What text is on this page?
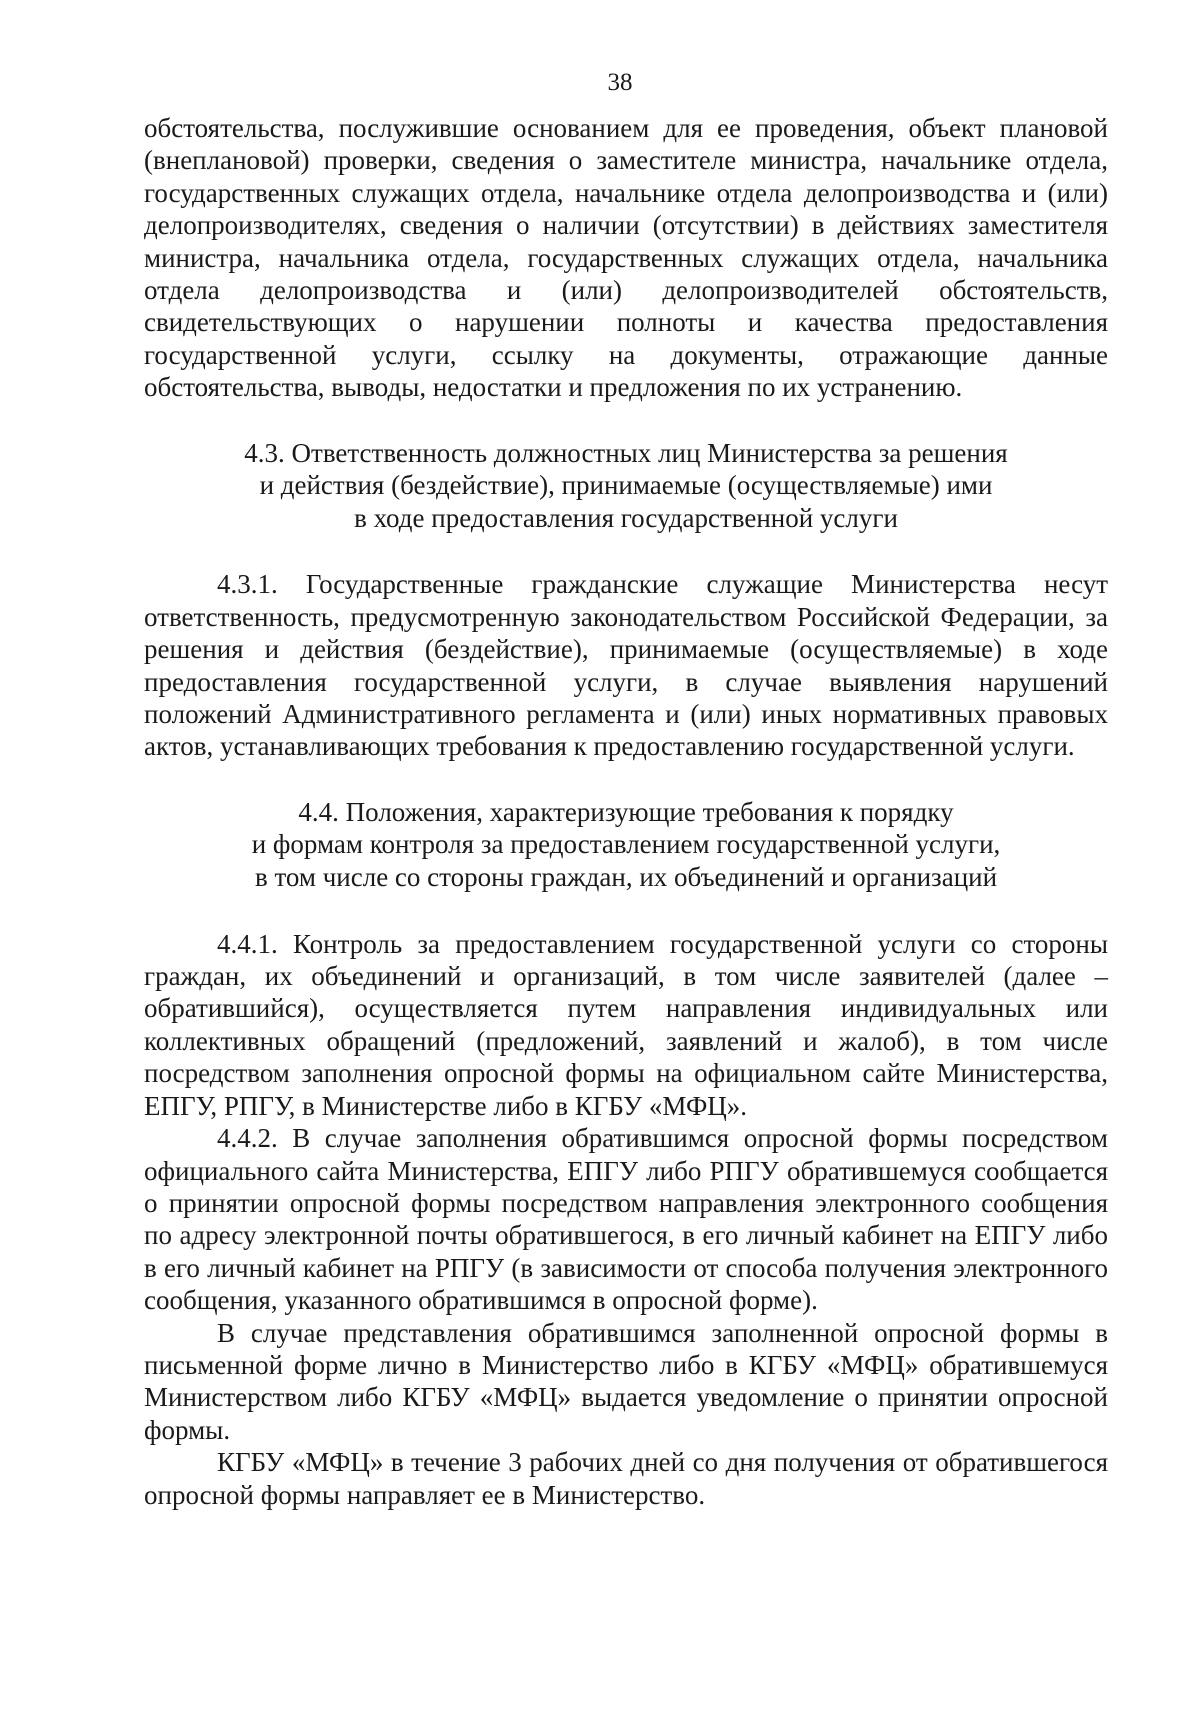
38

обстоятельства, послужившие основанием для ее проведения, объект плановой (внеплановой) проверки, сведения о заместителе министра, начальнике отдела, государственных служащих отдела, начальнике отдела делопроизводства и (или) делопроизводителях, сведения о наличии (отсутствии) в действиях заместителя министра, начальника отдела, государственных служащих отдела, начальника отдела делопроизводства и (или) делопроизводителей обстоятельств, свидетельствующих о нарушении полноты и качества предоставления государственной услуги, ссылку на документы, отражающие данные обстоятельства, выводы, недостатки и предложения по их устранению.

4.3. Ответственность должностных лиц Министерства за решения
и действия (бездействие), принимаемые (осуществляемые) ими
в ходе предоставления государственной услуги

4.3.1. Государственные гражданские служащие Министерства несут ответственность, предусмотренную законодательством Российской Федерации, за решения и действия (бездействие), принимаемые (осуществляемые) в ходе предоставления государственной услуги, в случае выявления нарушений положений Административного регламента и (или) иных нормативных правовых актов, устанавливающих требования к предоставлению государственной услуги.

4.4. Положения, характеризующие требования к порядку
и формам контроля за предоставлением государственной услуги,
в том числе со стороны граждан, их объединений и организаций

4.4.1. Контроль за предоставлением государственной услуги со стороны граждан, их объединений и организаций, в том числе заявителей (далее – обратившийся), осуществляется путем направления индивидуальных или коллективных обращений (предложений, заявлений и жалоб), в том числе посредством заполнения опросной формы на официальном сайте Министерства, ЕПГУ, РПГУ, в Министерстве либо в КГБУ «МФЦ».

4.4.2. В случае заполнения обратившимся опросной формы посредством официального сайта Министерства, ЕПГУ либо РПГУ обратившемуся сообщается о принятии опросной формы посредством направления электронного сообщения по адресу электронной почты обратившегося, в его личный кабинет на ЕПГУ либо в его личный кабинет на РПГУ (в зависимости от способа получения электронного сообщения, указанного обратившимся в опросной форме).

В случае представления обратившимся заполненной опросной формы в письменной форме лично в Министерство либо в КГБУ «МФЦ» обратившемуся Министерством либо КГБУ «МФЦ» выдается уведомление о принятии опросной формы.

КГБУ «МФЦ» в течение 3 рабочих дней со дня получения от обратившегося опросной формы направляет ее в Министерство.
